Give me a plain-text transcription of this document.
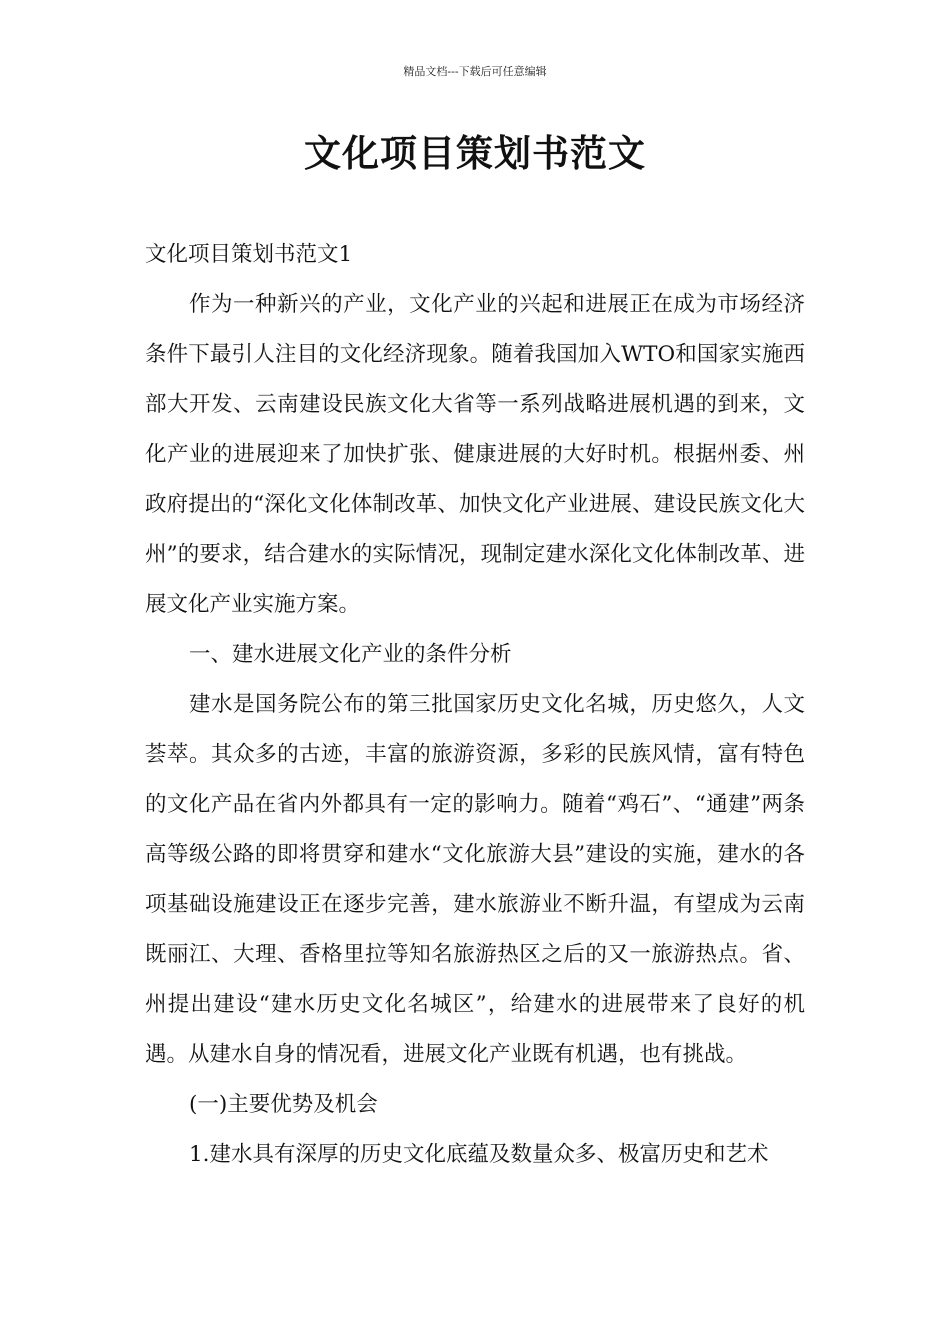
精品文档---下载后可任意编辑
文化项目策划书范文

文化项目策划书范文1

作为一种新兴的产业，文化产业的兴起和进展正在成为市场经济条件下最引人注目的文化经济现象。随着我国加入WTO和国家实施西部大开发、云南建设民族文化大省等一系列战略进展机遇的到来，文化产业的进展迎来了加快扩张、健康进展的大好时机。根据州委、州政府提出的“深化文化体制改革、加快文化产业进展、建设民族文化大州”的要求，结合建水的实际情况，现制定建水深化文化体制改革、进展文化产业实施方案。

一、建水进展文化产业的条件分析

建水是国务院公布的第三批国家历史文化名城，历史悠久，人文荟萃。其众多的古迹，丰富的旅游资源，多彩的民族风情，富有特色的文化产品在省内外都具有一定的影响力。随着“鸡石”、“通建”两条高等级公路的即将贯穿和建水“文化旅游大县”建设的实施，建水的各项基础设施建设正在逐步完善，建水旅游业不断升温，有望成为云南既丽江、大理、香格里拉等知名旅游热区之后的又一旅游热点。省、州提出建设“建水历史文化名城区”，给建水的进展带来了良好的机遇。从建水自身的情况看，进展文化产业既有机遇，也有挑战。

(一)主要优势及机会

1.建水具有深厚的历史文化底蕴及数量众多、极富历史和艺术
